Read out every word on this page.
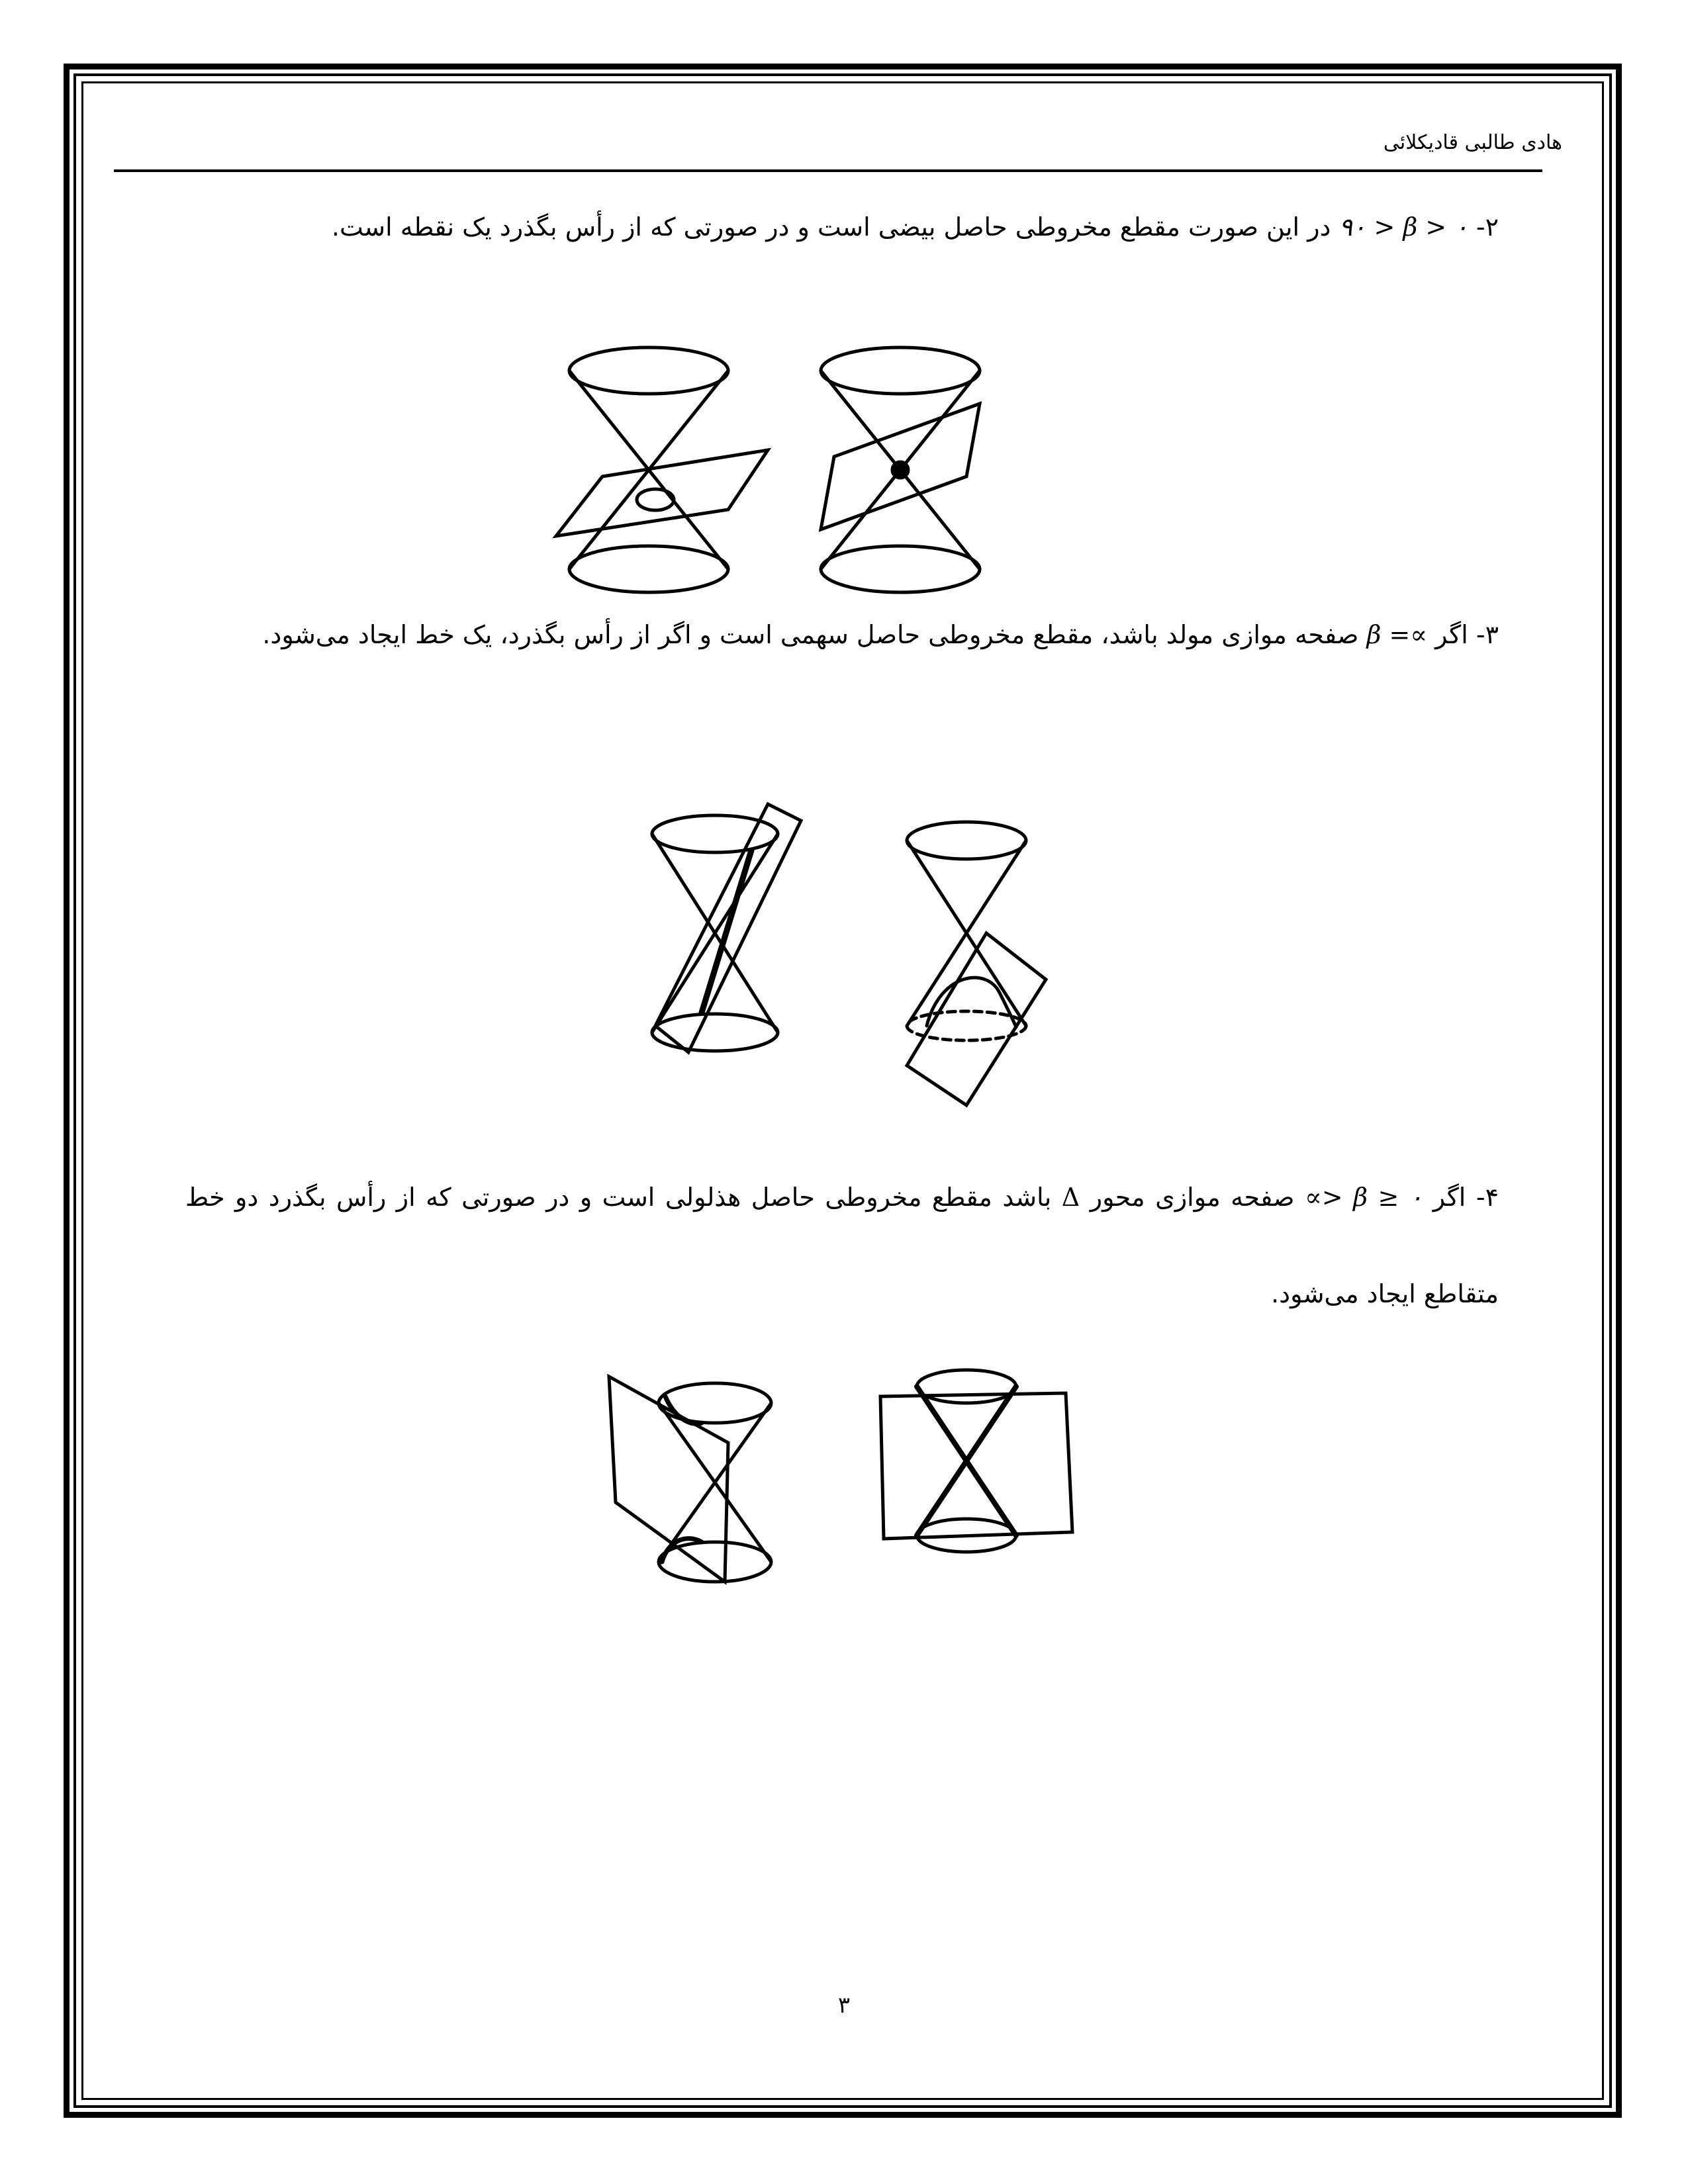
هادی طالبی قادیکلائی
۲- ۹۰ > β > ۰ در این صورت مقطع مخروطی حاصل بیضی است و در صورتی که از رأس بگذرد یک نقطه است.
۳- اگر β =∝ صفحه موازی مولد باشد، مقطع مخروطی حاصل سهمی است و اگر از رأس بگذرد، یک خط ایجاد می‌شود.
۴- اگر ∝> β ≥ ۰ صفحه موازی محور Δ باشد مقطع مخروطی حاصل هذلولی است و در صورتی که از رأس بگذرد دو خط متقاطع ایجاد می‌شود.
۳
